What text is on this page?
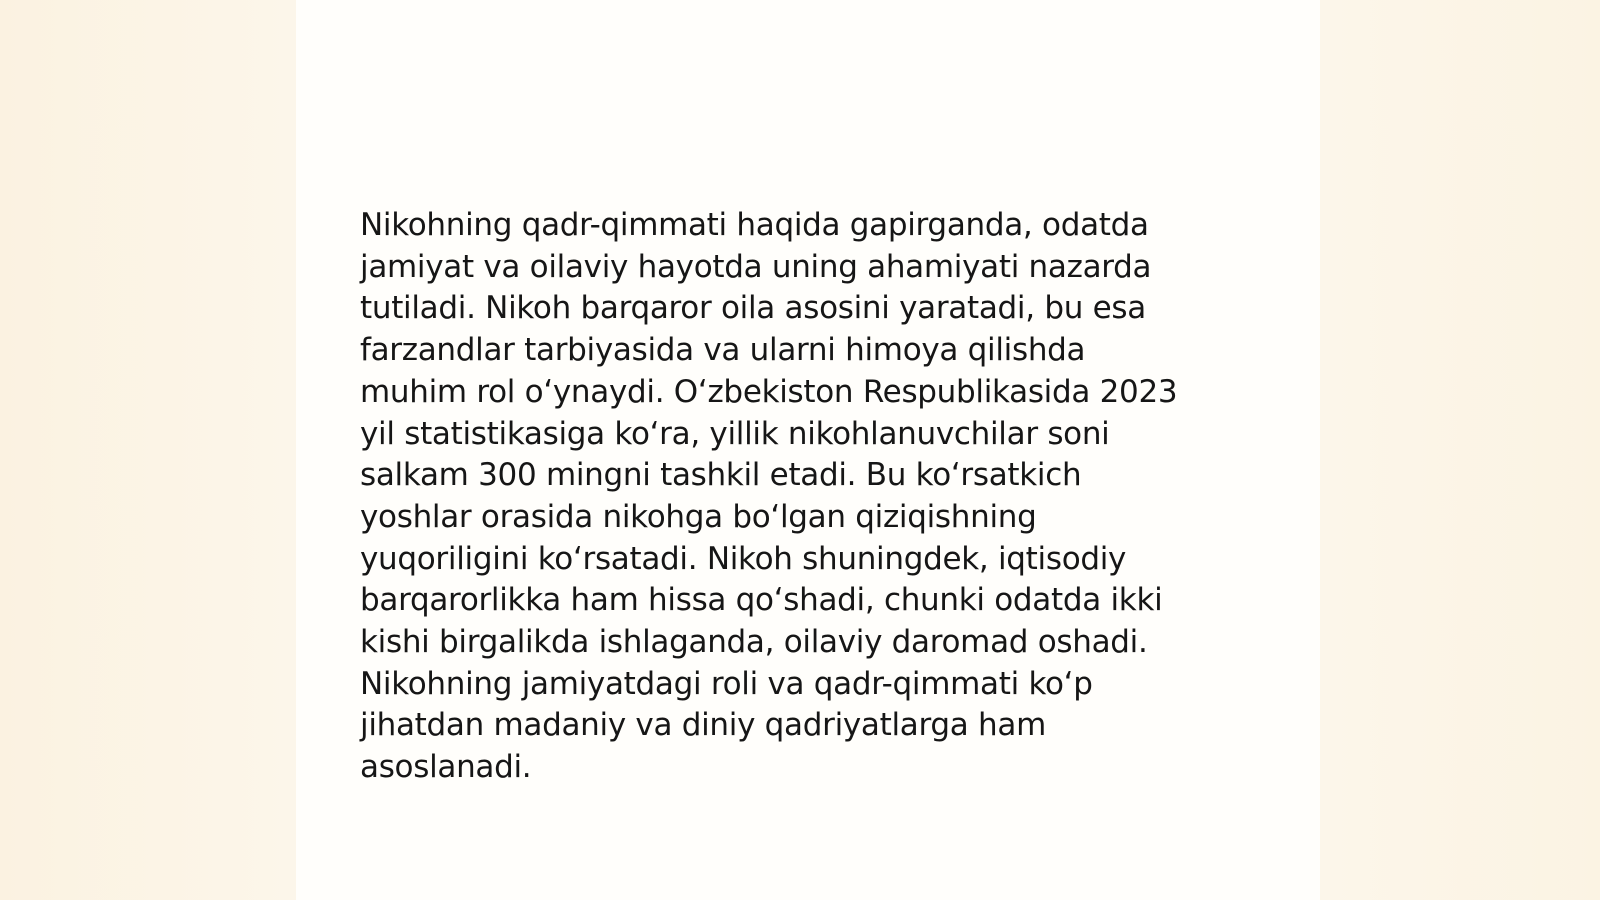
Nikohning qadr-qimmati haqida gapirganda, odatda
jamiyat va oilaviy hayotda uning ahamiyati nazarda
tutiladi. Nikoh barqaror oila asosini yaratadi, bu esa
farzandlar tarbiyasida va ularni himoya qilishda
muhim rol o‘ynaydi. O‘zbekiston Respublikasida 2023
yil statistikasiga ko‘ra, yillik nikohlanuvchilar soni
salkam 300 mingni tashkil etadi. Bu ko‘rsatkich
yoshlar orasida nikohga bo‘lgan qiziqishning
yuqoriligini ko‘rsatadi. Nikoh shuningdek, iqtisodiy
barqarorlikka ham hissa qo‘shadi, chunki odatda ikki
kishi birgalikda ishlaganda, oilaviy daromad oshadi.
Nikohning jamiyatdagi roli va qadr-qimmati ko‘p
jihatdan madaniy va diniy qadriyatlarga ham
asoslanadi.
